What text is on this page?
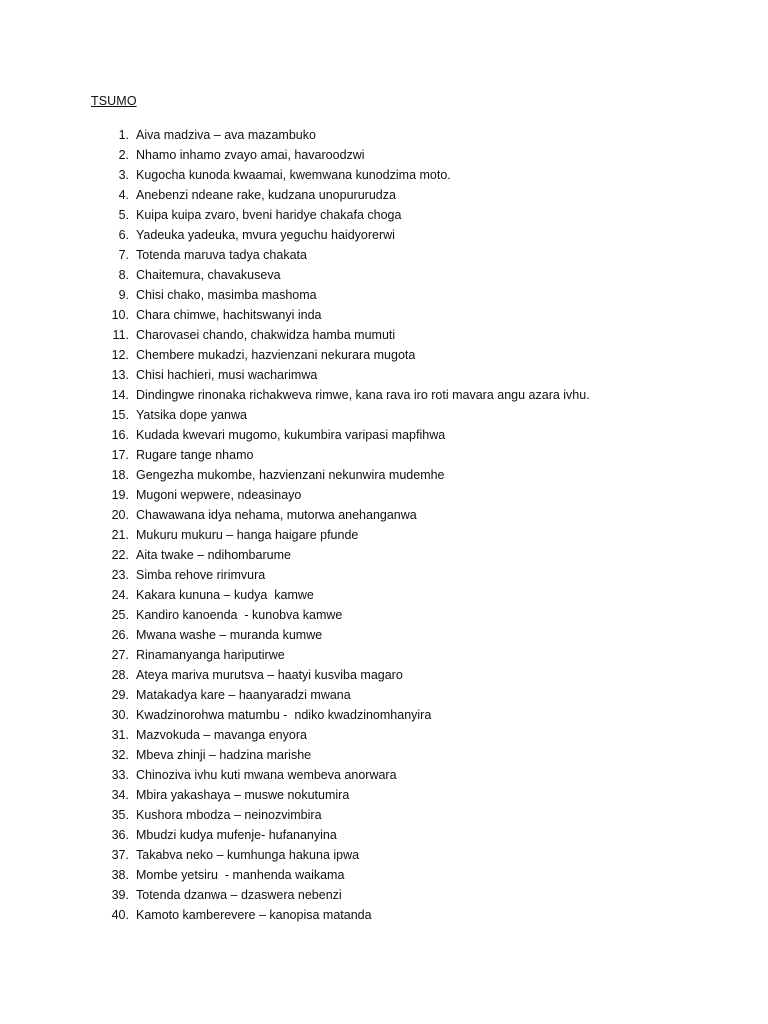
TSUMO
1. Aiva madziva – ava mazambuko
2. Nhamo inhamo zvayo amai, havaroodzwi
3. Kugocha kunoda kwaamai, kwemwana kunodzima moto.
4. Anebenzi ndeane rake, kudzana unopururudza
5. Kuipa kuipa zvaro, bveni haridye chakafa choga
6. Yadeuka yadeuka, mvura yeguchu haidyorerwi
7. Totenda maruva tadya chakata
8. Chaitemura, chavakuseva
9. Chisi chako, masimba mashoma
10. Chara chimwe, hachitswanyi inda
11. Charovasei chando, chakwidza hamba mumuti
12. Chembere mukadzi, hazvienzani nekurara mugota
13. Chisi hachieri, musi wacharimwa
14. Dindingwe rinonaka richakweva rimwe, kana rava iro roti mavara angu azara ivhu.
15. Yatsika dope yanwa
16. Kudada kwevari mugomo, kukumbira varipasi mapfihwa
17. Rugare tange nhamo
18. Gengezha mukombe, hazvienzani nekunwira mudemhe
19. Mugoni wepwere, ndeasinayo
20. Chawawana idya nehama, mutorwa anehanganwa
21. Mukuru mukuru – hanga haigare pfunde
22. Aita twake – ndihombarume
23. Simba rehove ririmvura
24. Kakara kununa – kudya  kamwe
25. Kandiro kanoenda  - kunobva kamwe
26. Mwana washe – muranda kumwe
27. Rinamanyanga hariputirwe
28. Ateya mariva murutsva – haatyi kusviba magaro
29. Matakadya kare – haanyaradzi mwana
30. Kwadzinorohwa matumbu -  ndiko kwadzinomhanyira
31. Mazvokuda – mavanga enyora
32. Mbeva zhinji – hadzina marishe
33. Chinoziva ivhu kuti mwana wembeva anorwara
34. Mbira yakashaya – muswe nokutumira
35. Kushora mbodza – neinozvimbira
36. Mbudzi kudya mufenje- hufananyina
37. Takabva neko – kumhunga hakuna ipwa
38. Mombe yetsiru  - manhenda waikama
39. Totenda dzanwa – dzaswera nebenzi
40. Kamoto kamberevere – kanopisa matanda
